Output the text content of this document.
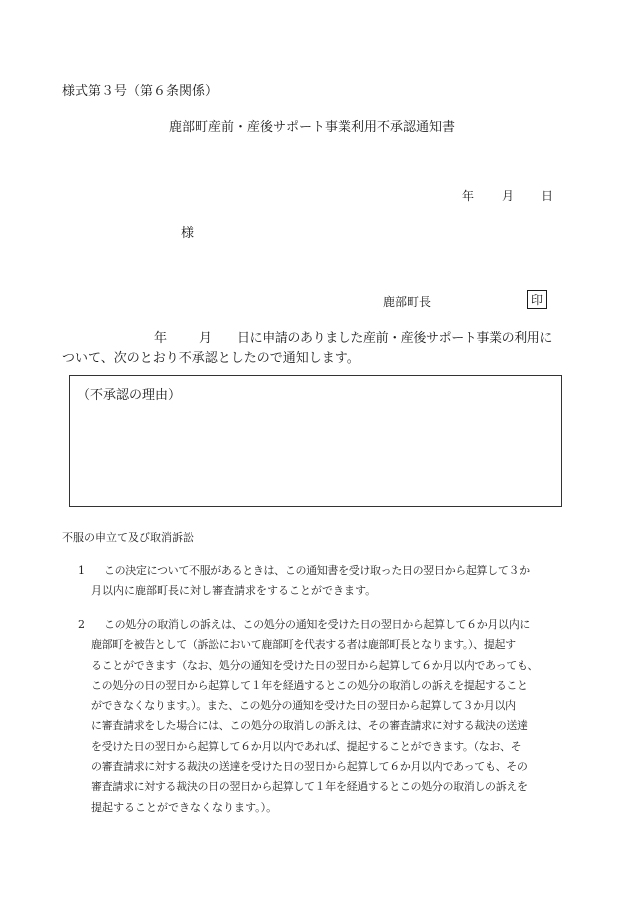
様式第３号（第６条関係）
鹿部町産前・産後サポート事業利用不承認通知書
年 月 日
様
鹿部町長	印
年 月 日に申請のありました産前・産後サポート事業の利用に
ついて、次のとおり不承認としたので通知します。
（不承認の理由）
不服の申立て及び取消訴訟
1	この決定について不服があるときは、この通知書を受け取った日の翌日から起算して３か
月以内に鹿部町長に対し審査請求をすることができます。
2	この処分の取消しの訴えは、この処分の通知を受けた日の翌日から起算して６か月以内に
鹿部町を被告として（訴訟において鹿部町を代表する者は鹿部町長となります。）、提起す
ることができます（なお、処分の通知を受けた日の翌日から起算して６か月以内であっても、
この処分の日の翌日から起算して１年を経過するとこの処分の取消しの訴えを提起すること
ができなくなります。）。また、この処分の通知を受けた日の翌日から起算して３か月以内
に審査請求をした場合には、この処分の取消しの訴えは、その審査請求に対する裁決の送達
を受けた日の翌日から起算して６か月以内であれば、提起することができます。（なお、そ
の審査請求に対する裁決の送達を受けた日の翌日から起算して６か月以内であっても、その
審査請求に対する裁決の日の翌日から起算して１年を経過するとこの処分の取消しの訴えを
提起することができなくなります。）。
